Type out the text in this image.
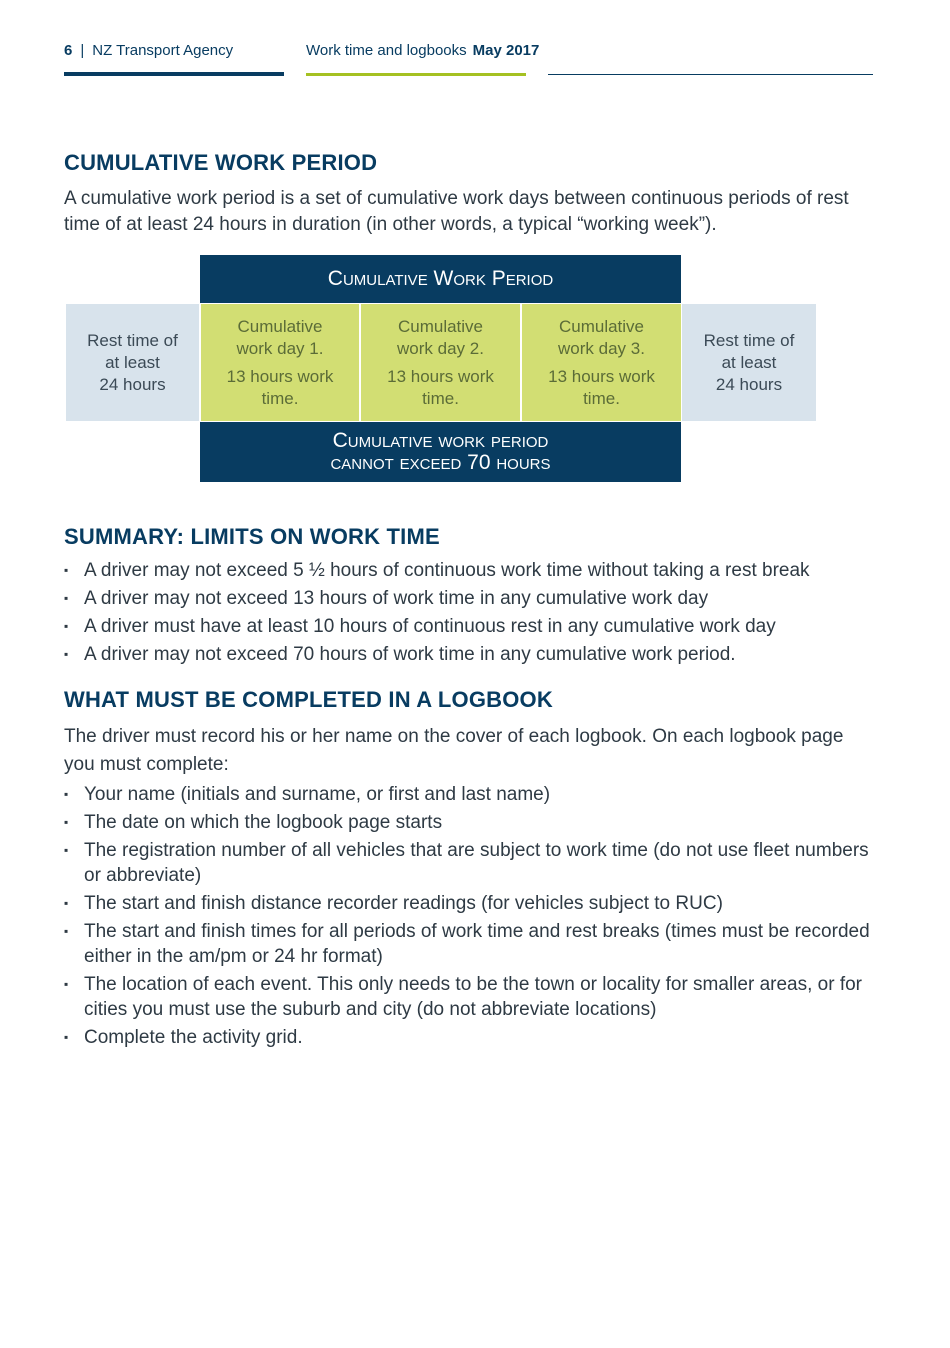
6 | NZ Transport Agency	Work time and logbooks May 2017
CUMULATIVE WORK PERIOD

A cumulative work period is a set of cumulative work days between continuous periods of rest time of at least 24 hours in duration (in other words, a typical “working week”).

Cumulative Work Period
Rest time of
at least
24 hours
Cumulative
work day 1.
13 hours work
time.
Cumulative
work day 2.
13 hours work
time.
Cumulative
work day 3.
13 hours work
time.
Rest time of
at least
24 hours
Cumulative work period
cannot exceed 70 hours
SUMMARY: LIMITS ON WORK TIME
▪ A driver may not exceed 5 ½ hours of continuous work time without taking a rest break
▪ A driver may not exceed 13 hours of work time in any cumulative work day
▪ A driver must have at least 10 hours of continuous rest in any cumulative work day
▪ A driver may not exceed 70 hours of work time in any cumulative work period.
WHAT MUST BE COMPLETED IN A LOGBOOK

The driver must record his or her name on the cover of each logbook. On each logbook page you must complete:

▪ Your name (initials and surname, or first and last name)
▪ The date on which the logbook page starts
▪ The registration number of all vehicles that are subject to work time (do not use fleet numbers or abbreviate)
▪ The start and finish distance recorder readings (for vehicles subject to RUC)
▪ The start and finish times for all periods of work time and rest breaks (times must be recorded either in the am/pm or 24 hr format)
▪ The location of each event. This only needs to be the town or locality for smaller areas, or for cities you must use the suburb and city (do not abbreviate locations)
▪ Complete the activity grid.
